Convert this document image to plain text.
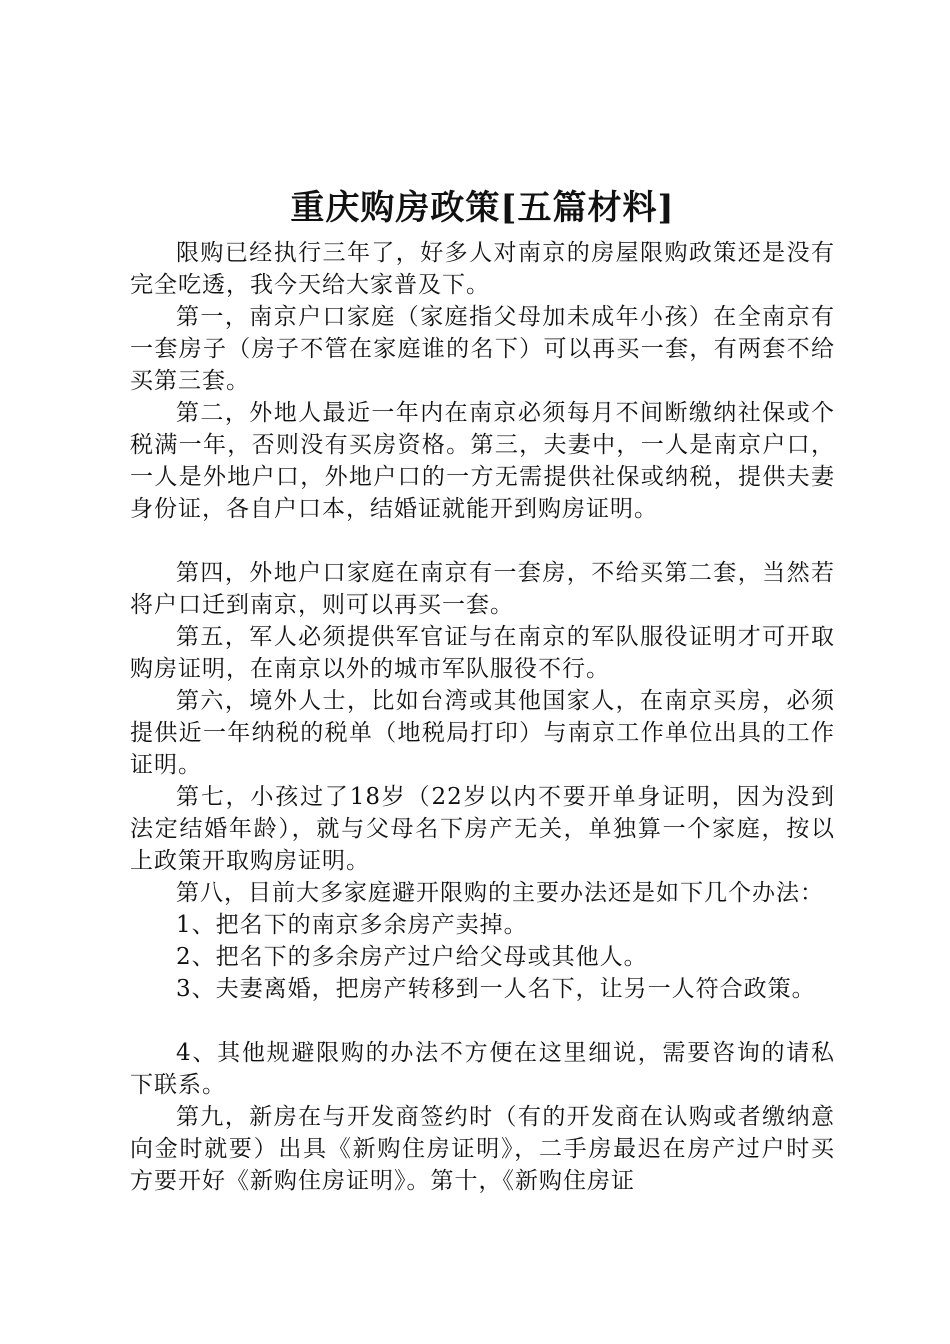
重庆购房政策[五篇材料]

限购已经执行三年了，好多人对南京的房屋限购政策还是没有完全吃透，我今天给大家普及下。

第一，南京户口家庭（家庭指父母加未成年小孩）在全南京有一套房子（房子不管在家庭谁的名下）可以再买一套，有两套不给买第三套。

第二，外地人最近一年内在南京必须每月不间断缴纳社保或个税满一年，否则没有买房资格。第三，夫妻中，一人是南京户口，一人是外地户口，外地户口的一方无需提供社保或纳税，提供夫妻身份证，各自户口本，结婚证就能开到购房证明。

第四，外地户口家庭在南京有一套房，不给买第二套，当然若将户口迁到南京，则可以再买一套。

第五，军人必须提供军官证与在南京的军队服役证明才可开取购房证明，在南京以外的城市军队服役不行。

第六，境外人士，比如台湾或其他国家人，在南京买房，必须提供近一年纳税的税单（地税局打印）与南京工作单位出具的工作证明。

第七，小孩过了18岁（22岁以内不要开单身证明，因为没到法定结婚年龄），就与父母名下房产无关，单独算一个家庭，按以上政策开取购房证明。

第八，目前大多家庭避开限购的主要办法还是如下几个办法：

1、把名下的南京多余房产卖掉。

2、把名下的多余房产过户给父母或其他人。

3、夫妻离婚，把房产转移到一人名下，让另一人符合政策。

4、其他规避限购的办法不方便在这里细说，需要咨询的请私下联系。

第九，新房在与开发商签约时（有的开发商在认购或者缴纳意向金时就要）出具《新购住房证明》，二手房最迟在房产过户时买方要开好《新购住房证明》。第十，《新购住房证
